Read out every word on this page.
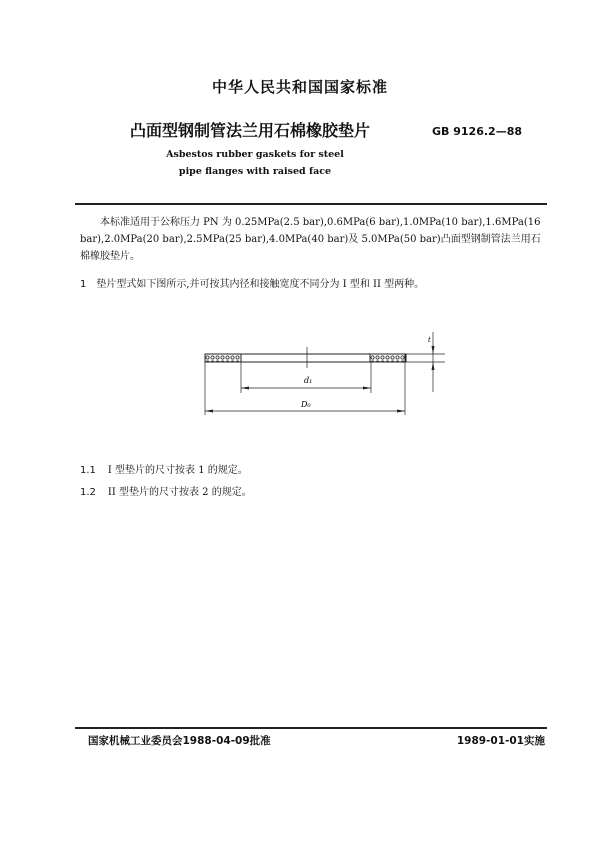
中华人民共和国国家标准
凸面型钢制管法兰用石棉橡胶垫片	GB 9126.2—88
Asbestos rubber gaskets for steel
pipe flanges with raised face
本标准适用于公称压力 PN 为 0.25MPa(2.5 bar),0.6MPa(6 bar),1.0MPa(10 bar),1.6MPa(16
bar),2.0MPa(20 bar),2.5MPa(25 bar),4.0MPa(40 bar)及 5.0MPa(50 bar)凸面型钢制管法兰用石
棉橡胶垫片。
1 垫片型式如下图所示,并可按其内径和接触宽度不同分为 I 型和 II 型两种。
d₁
D₀
t
1.1 I 型垫片的尺寸按表 1 的规定。
1.2 II 型垫片的尺寸按表 2 的规定。
国家机械工业委员会1988-04-09批准	1989-01-01实施
